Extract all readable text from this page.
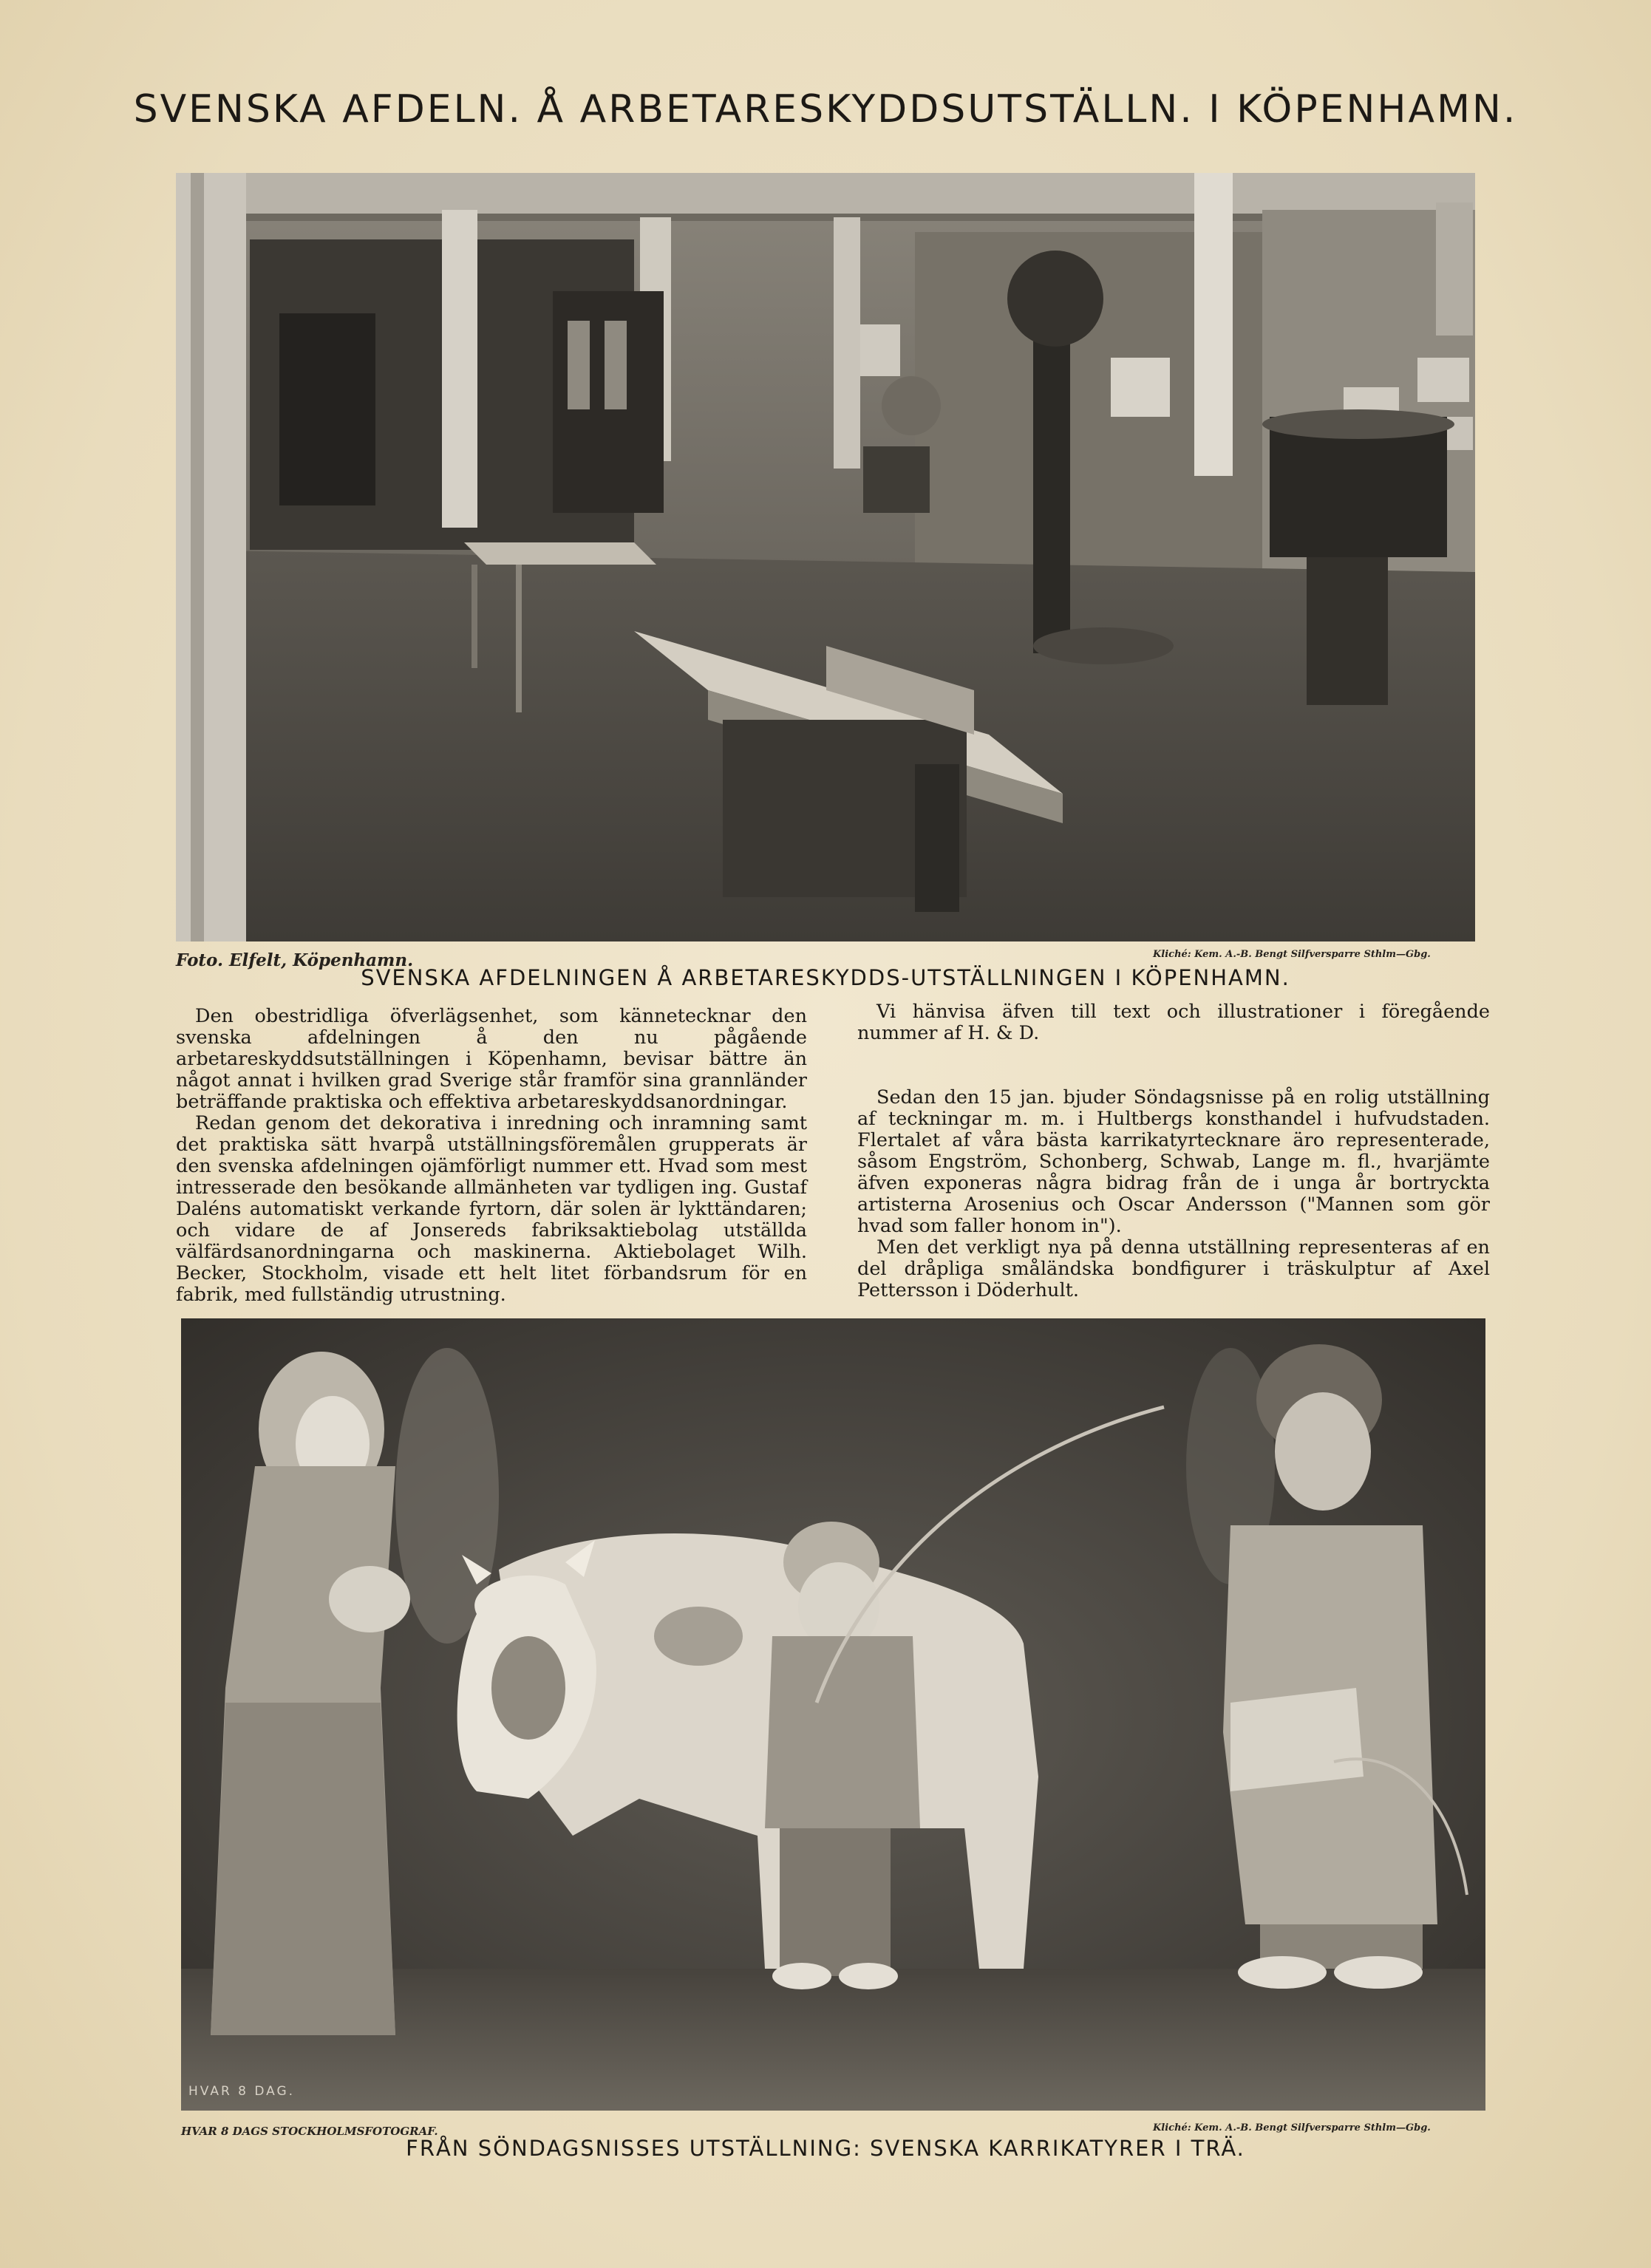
SVENSKA AFDELN. Å ARBETARESKYDDSUTSTÄLLN. I KÖPENHAMN.
Foto. Elfelt, Köpenhamn.	Kliché: Kem. A.-B. Bengt Silfversparre Sthlm—Gbg.
SVENSKA AFDELNINGEN Å ARBETARESKYDDS-UTSTÄLLNINGEN I KÖPENHAMN.

Den obestridliga öfverlägsenhet, som kännetecknar den svenska afdelningen å den nu pågående arbetareskyddsutställningen i Köpenhamn, bevisar bättre än något annat i hvilken grad Sverige står framför sina grannländer beträffande praktiska och effektiva arbetareskyddsanordningar.

Redan genom det dekorativa i inredning och inramning samt det praktiska sätt hvarpå utställningsföremålen grupperats är den svenska afdelningen ojämförligt nummer ett. Hvad som mest intresserade den besökande allmänheten var tydligen ing. Gustaf Daléns automatiskt verkande fyrtorn, där solen är lykttändaren; och vidare de af Jonsereds fabriksaktiebolag utställda välfärdsanordningarna och maskinerna. Aktiebolaget Wilh. Becker, Stockholm, visade ett helt litet förbandsrum för en fabrik, med fullständig utrustning.

Vi hänvisa äfven till text och illustrationer i föregående nummer af H. & D.

Sedan den 15 jan. bjuder Söndagsnisse på en rolig utställning af teckningar m. m. i Hultbergs konsthandel i hufvudstaden. Flertalet af våra bästa karrikatyrtecknare äro representerade, såsom Engström, Schonberg, Schwab, Lange m. fl., hvarjämte äfven exponeras några bidrag från de i unga år bortryckta artisterna Arosenius och Oscar Andersson ("Mannen som gör hvad som faller honom in").

Men det verkligt nya på denna utställning representeras af en del dråpliga småländska bondfigurer i träskulptur af Axel Pettersson i Döderhult.

HVAR 8 DAG.
HVAR 8 DAGS STOCKHOLMSFOTOGRAF.	Kliché: Kem. A.-B. Bengt Silfversparre Sthlm—Gbg.
FRÅN SÖNDAGSNISSES UTSTÄLLNING: SVENSKA KARRIKATYRER I TRÄ.
